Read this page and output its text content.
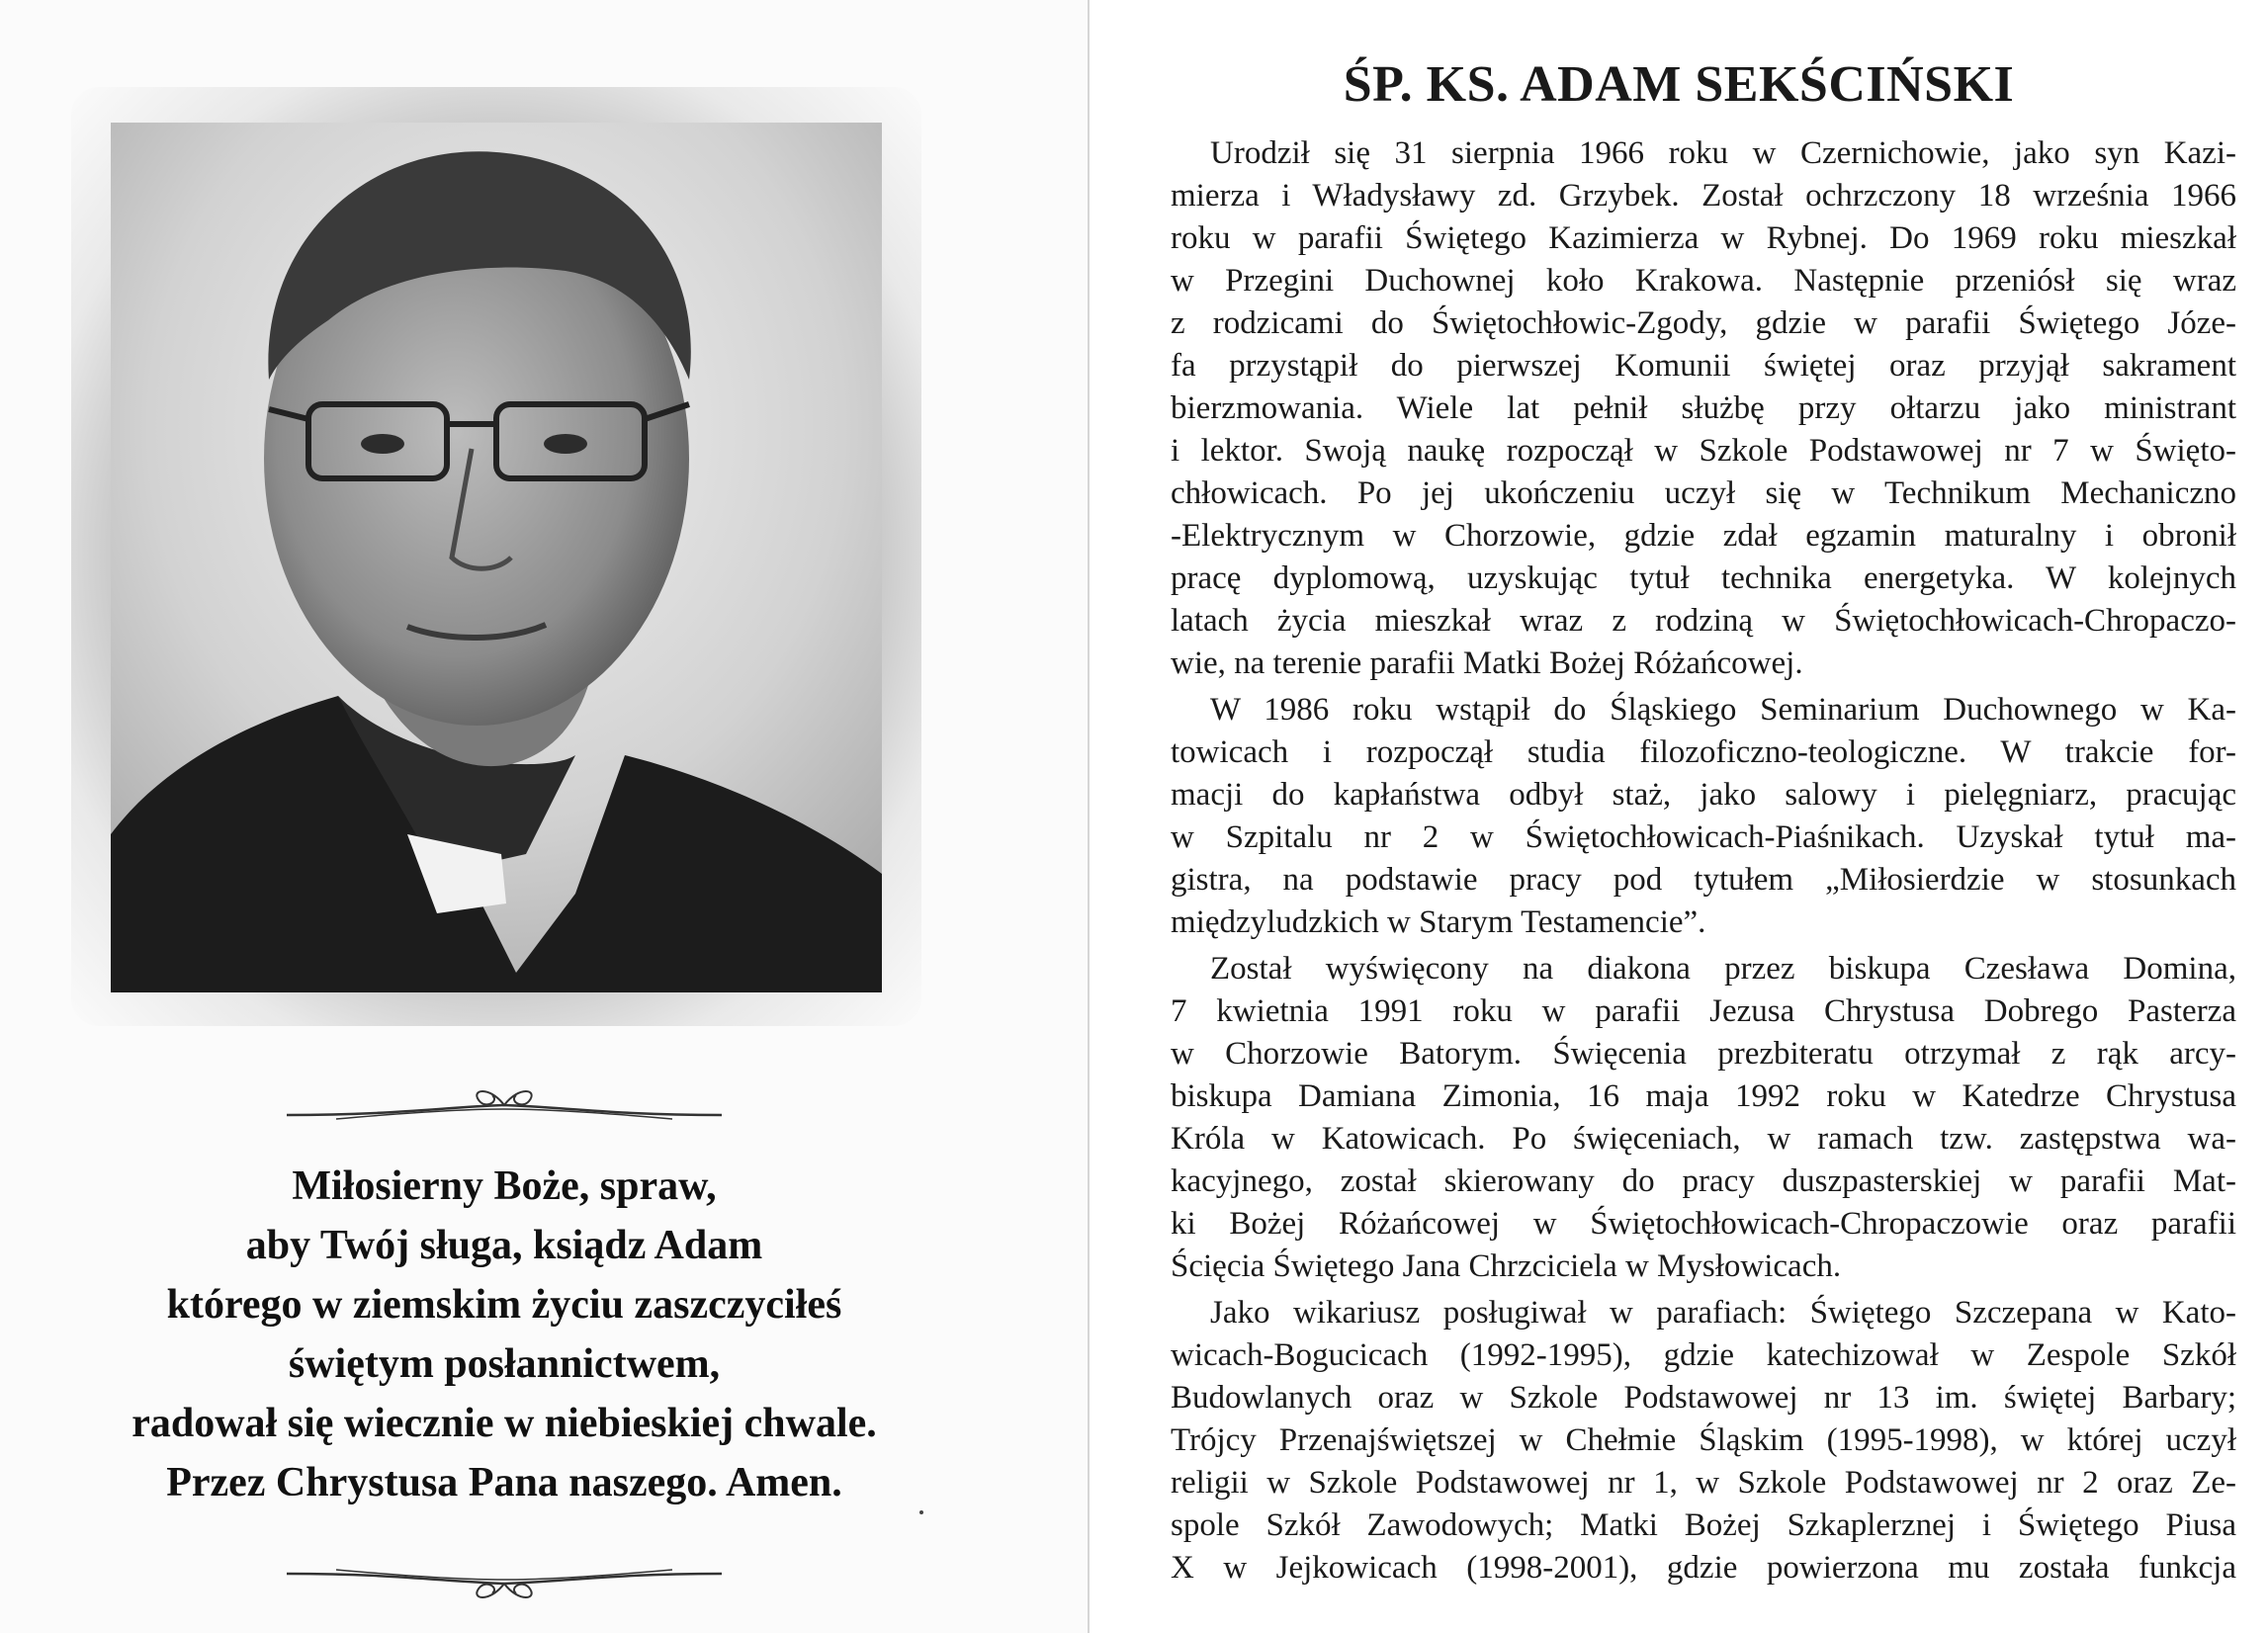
Miłosierny Boże, spraw,
aby Twój sługa, ksiądz Adam
którego w ziemskim życiu zaszczyciłeś
świętym posłannictwem,
radował się wiecznie w niebieskiej chwale.
Przez Chrystusa Pana naszego. Amen.
ŚP. KS. ADAM SEKŚCIŃSKI

Urodził się 31 sierpnia 1966 roku w Czernichowie, jako syn Kazi-
mierza i Władysławy zd. Grzybek. Został ochrzczony 18 września 1966
roku w parafii Świętego Kazimierza w Rybnej. Do 1969 roku mieszkał
w Przegini Duchownej koło Krakowa. Następnie przeniósł się wraz
z rodzicami do Świętochłowic-Zgody, gdzie w parafii Świętego Józe-
fa przystąpił do pierwszej Komunii świętej oraz przyjął sakrament
bierzmowania. Wiele lat pełnił służbę przy ołtarzu jako ministrant
i lektor. Swoją naukę rozpoczął w Szkole Podstawowej nr 7 w Święto-
chłowicach. Po jej ukończeniu uczył się w Technikum Mechaniczno
-Elektrycznym w Chorzowie, gdzie zdał egzamin maturalny i obronił
pracę dyplomową, uzyskując tytuł technika energetyka. W kolejnych
latach życia mieszkał wraz z rodziną w Świętochłowicach-Chropaczo-
wie, na terenie parafii Matki Bożej Różańcowej.

W 1986 roku wstąpił do Śląskiego Seminarium Duchownego w Ka-
towicach i rozpoczął studia filozoficzno-teologiczne. W trakcie for-
macji do kapłaństwa odbył staż, jako salowy i pielęgniarz, pracując
w Szpitalu nr 2 w Świętochłowicach-Piaśnikach. Uzyskał tytuł ma-
gistra, na podstawie pracy pod tytułem „Miłosierdzie w stosunkach
międzyludzkich w Starym Testamencie”.

Został wyświęcony na diakona przez biskupa Czesława Domina,
7 kwietnia 1991 roku w parafii Jezusa Chrystusa Dobrego Pasterza
w Chorzowie Batorym. Święcenia prezbiteratu otrzymał z rąk arcy-
biskupa Damiana Zimonia, 16 maja 1992 roku w Katedrze Chrystusa
Króla w Katowicach. Po święceniach, w ramach tzw. zastępstwa wa-
kacyjnego, został skierowany do pracy duszpasterskiej w parafii Mat-
ki Bożej Różańcowej w Świętochłowicach-Chropaczowie oraz parafii
Ścięcia Świętego Jana Chrzciciela w Mysłowicach.

Jako wikariusz posługiwał w parafiach: Świętego Szczepana w Kato-
wicach-Bogucicach (1992-1995), gdzie katechizował w Zespole Szkół
Budowlanych oraz w Szkole Podstawowej nr 13 im. świętej Barbary;
Trójcy Przenajświętszej w Chełmie Śląskim (1995-1998), w której uczył
religii w Szkole Podstawowej nr 1, w Szkole Podstawowej nr 2 oraz Ze-
spole Szkół Zawodowych; Matki Bożej Szkaplerznej i Świętego Piusa
X w Jejkowicach (1998-2001), gdzie powierzona mu została funkcja
